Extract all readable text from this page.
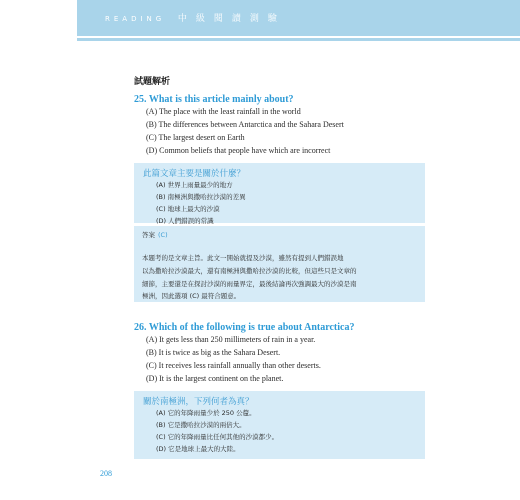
READING 中級閱讀測驗
試題解析
25. What is this article mainly about?
(A) The place with the least rainfall in the world
(B) The differences between Antarctica and the Sahara Desert
(C) The largest desert on Earth
(D) Common beliefs that people have which are incorrect
此篇文章主要是關於什麼？
(A) 世界上雨量最少的地方
(B) 南極洲與撒哈拉沙漠的差異
(C) 地球上最大的沙漠
(D) 人們錯誤的常識
答案 (C)
本題考的是文章主旨。此文一開始就提及沙漠，雖然有提到人們錯誤地
以為撒哈拉沙漠最大，還有南極洲與撒哈拉沙漠的比較，但這些只是文章的
細節，主要還是在探討沙漠的雨量界定，最後結論再次強調最大的沙漠是南
極洲，因此選項 (C) 最符合題意。
26. Which of the following is true about Antarctica?
(A) It gets less than 250 millimeters of rain in a year.
(B) It is twice as big as the Sahara Desert.
(C) It receives less rainfall annually than other deserts.
(D) It is the largest continent on the planet.
關於南極洲，下列何者為真？
(A) 它的年降雨量少於 250 公釐。
(B) 它是撒哈拉沙漠的兩倍大。
(C) 它的年降雨量比任何其他的沙漠都少。
(D) 它是地球上最大的大陸。
208
